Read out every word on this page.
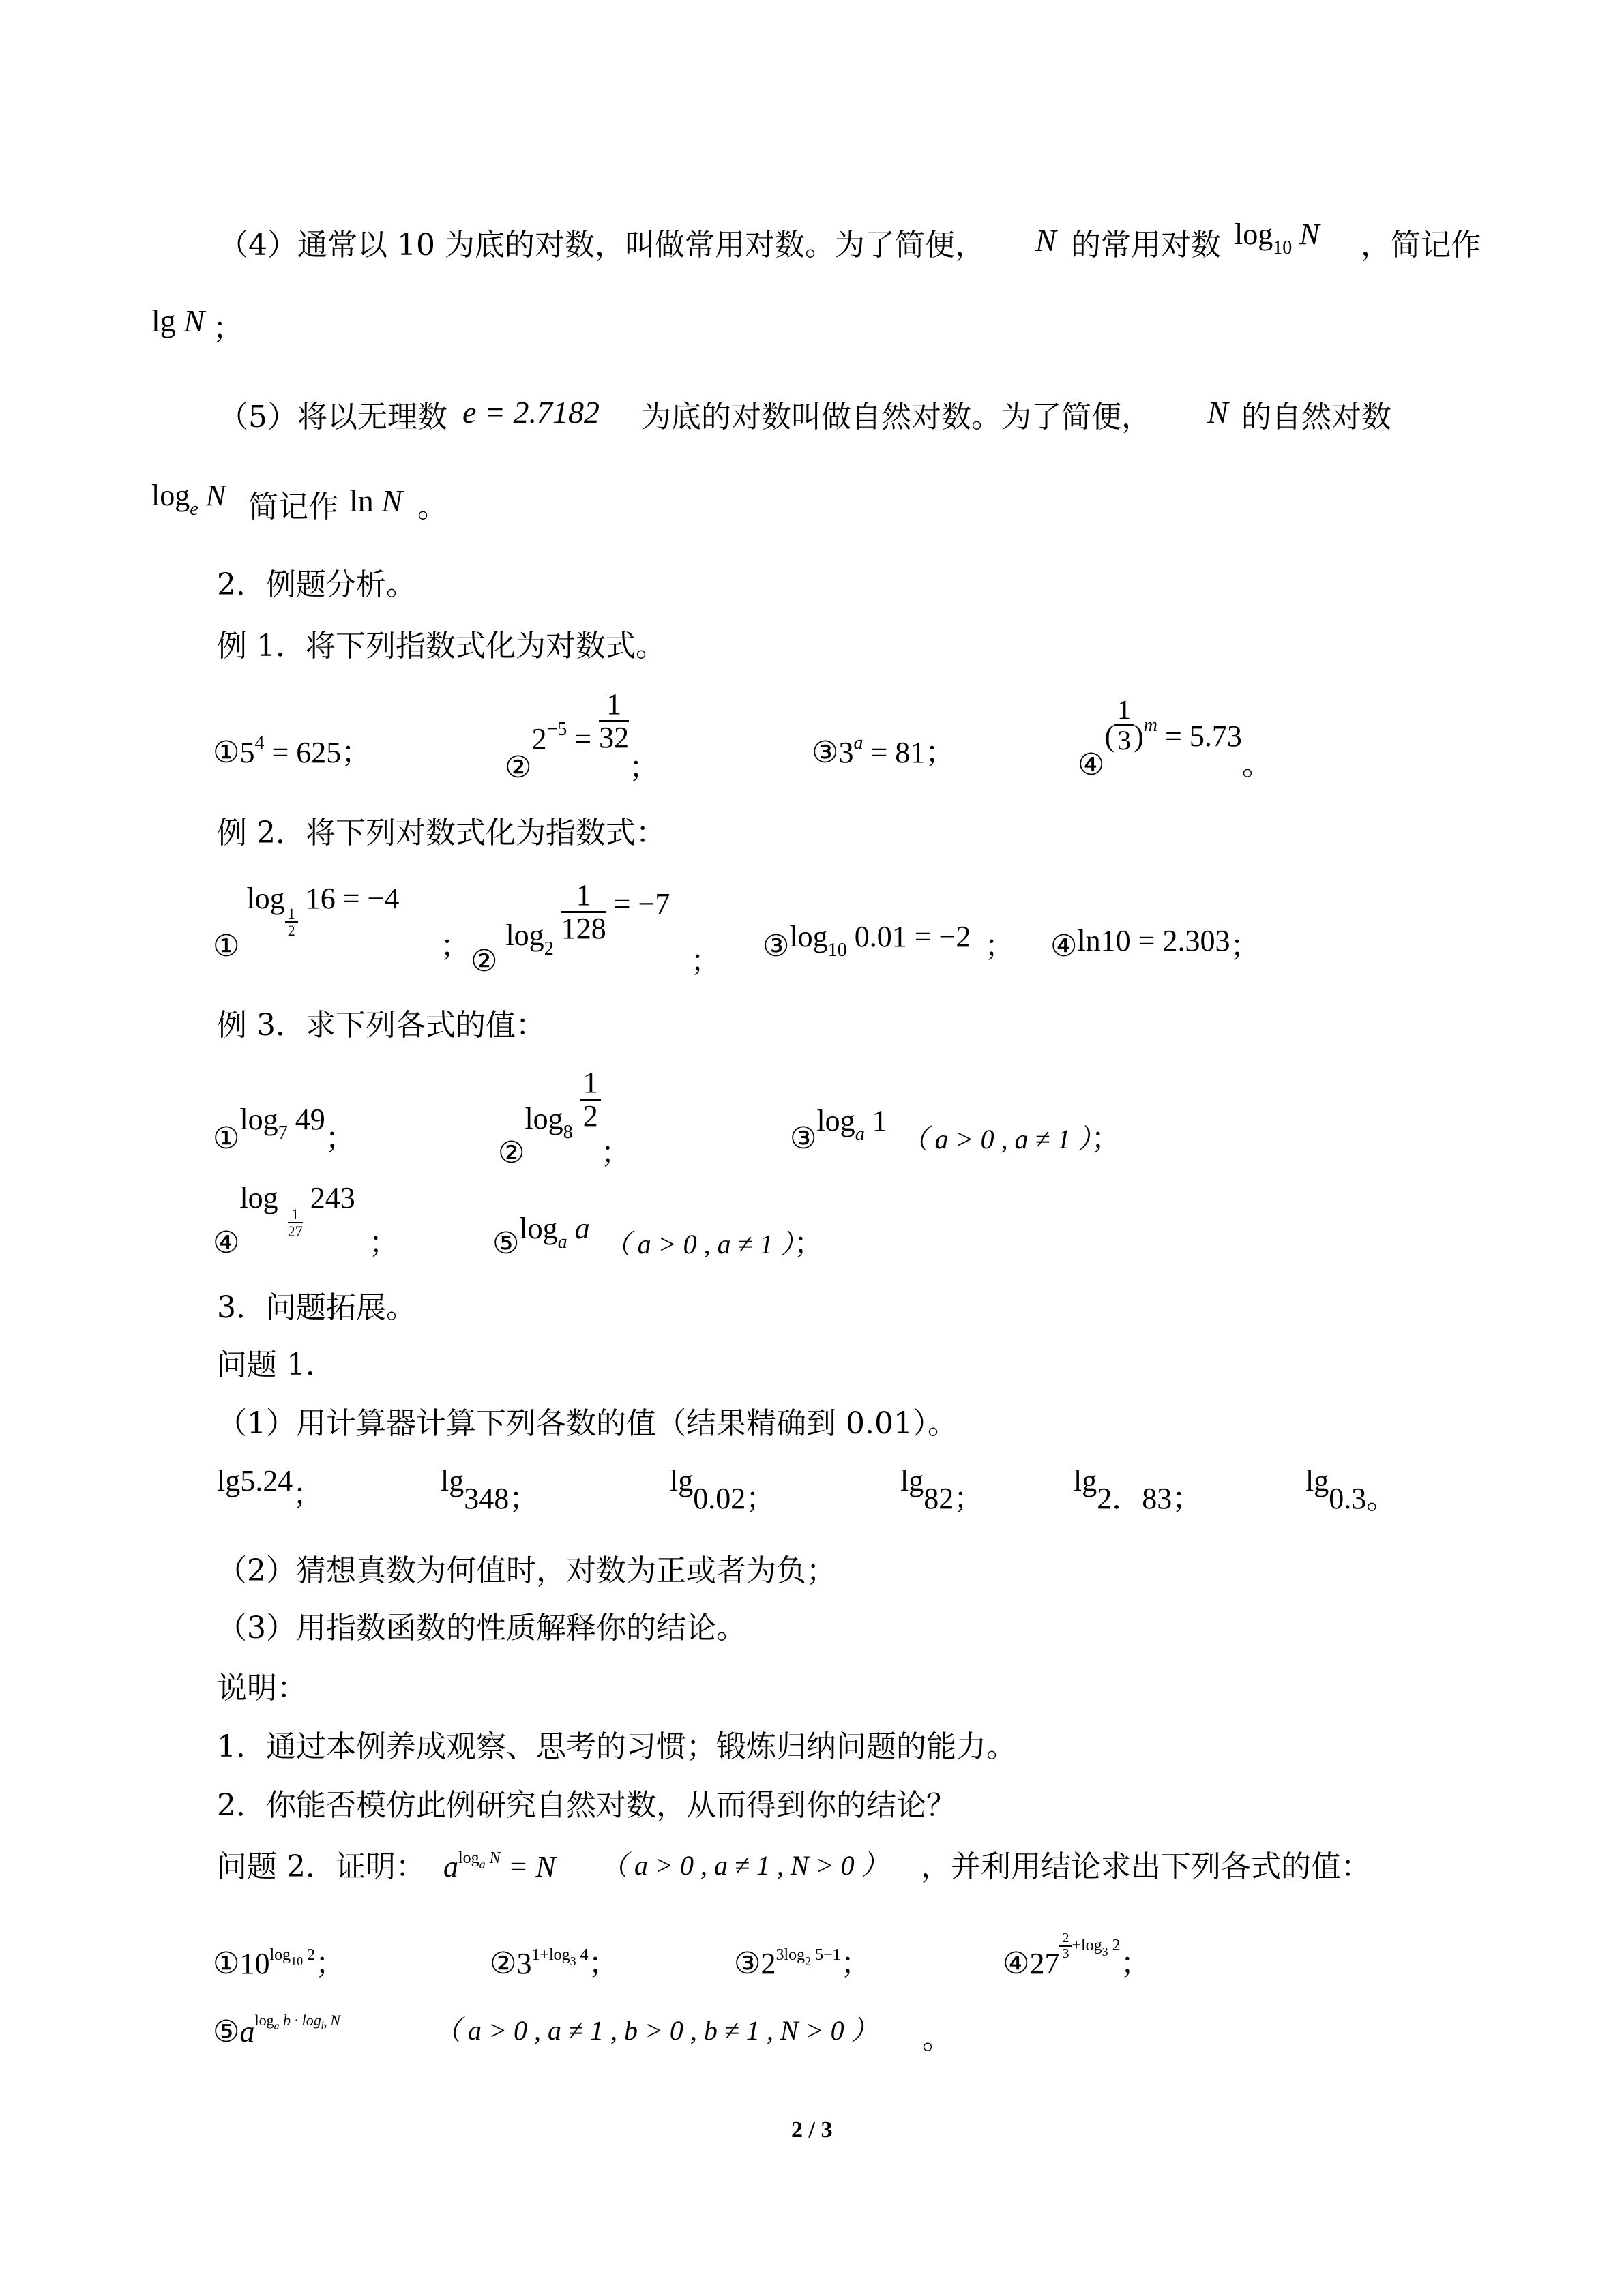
（4）通常以 10 为底的对数，叫做常用对数。为了简便， N 的常用对数 $\log_{10} N$ ，简记作
lg N ；
（5）将以无理数 e = 2.7182 为底的对数叫做自然对数。为了简便， N 的自然对数
$\log_e N$ 简记作 ln N 。
2．例题分析。
例 1．将下列指数式化为对数式。
$①5^4 = 625$；	$②2_{-5} = \frac{1}{32}$
；	$③3^a = 81$；	④( $\frac{1}{3} )m = 5.73$。
例 2．将下列对数式化为指数式：
①log
$\frac{1}{2}$
16 = −4； $②\log_2$
$\frac{1}{128} = -7$； $③\log_{10}$ 0.01 = −2 ； ④ln10 = 2.303；
例 3．求下列各式的值：
$①\log_7$ 49；	$②\log_8 \frac{1}{2}$
；	$③\log_a$ 1（ a > 0 , a ≠ 1 ）；
④log
$\frac{1}{27}$
243；	$⑤\log_a$ a （ a > 0 , a ≠ 1 ）；
3．问题拓展。
问题 1．
（1）用计算器计算下列各数的值（结果精确到 0.01）。
lg5.24；	lg348；
lg0.02；
lg82；
lg2．83；
lg0.3。
（2）猜想真数为何值时，对数为正或者为负；
（3）用指数函数的性质解释你的结论。
说明：
1．通过本例养成观察、思考的习惯；锻炼归纳问题的能力。
2．你能否模仿此例研究自然对数，从而得到你的结论？
问题 2．证明： alog$_a$ N = N （ a > 0 , a ≠ 1 , N > 0 ） ，并利用结论求出下列各式的值：
$①10^{log_{10} 2}$；	$②3^{1+log_3 4}$；	$③2^{3log_2 5-1}$；	④27
$^{\frac{2}{3} +log_3 2}$；
$⑤a^{log_a b \cdot log_b N}$	（ a > 0 , a ≠ 1 , b > 0 , b ≠ 1 , N > 0 ） 。
2 / 3
